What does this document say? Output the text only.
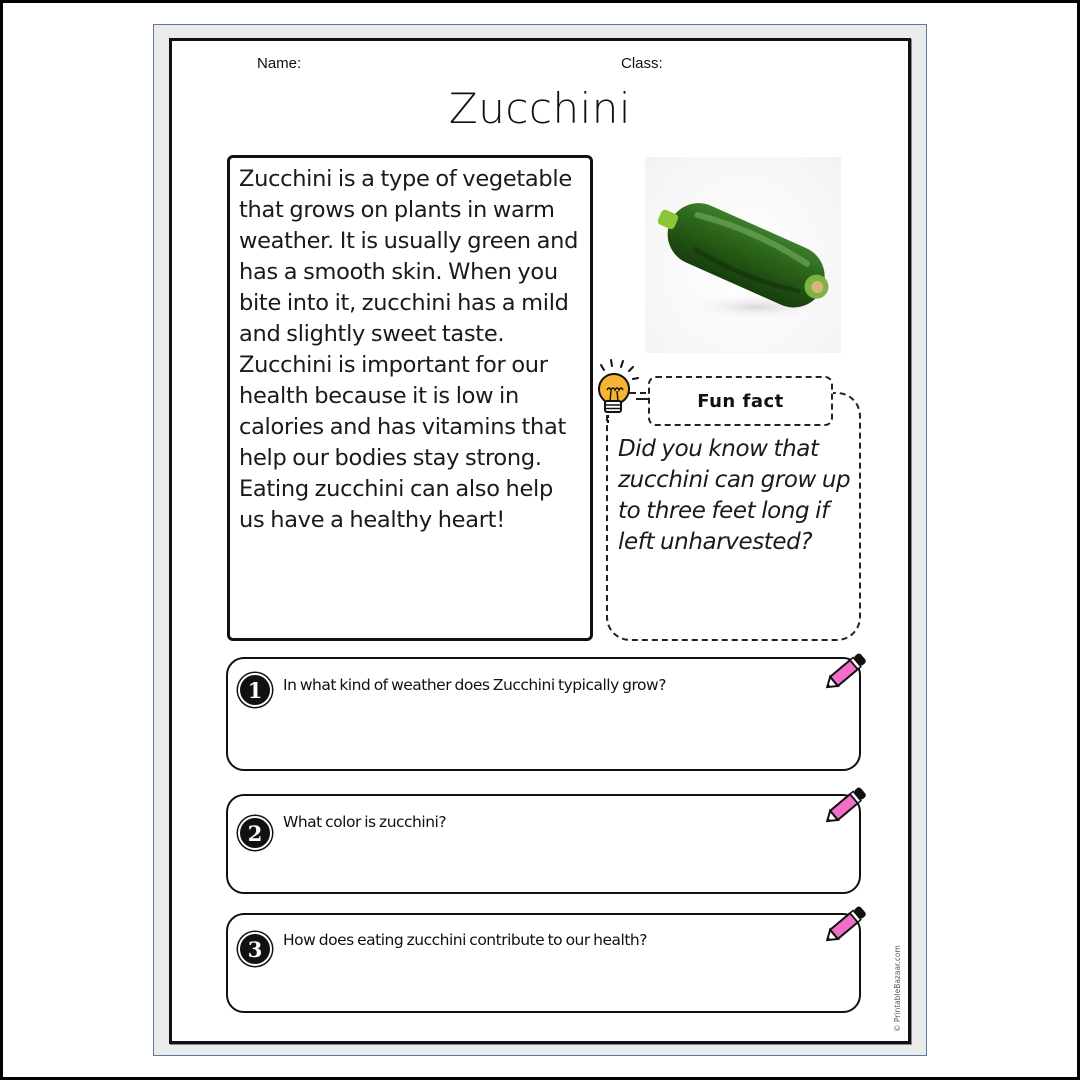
Name:	Class:
Zucchini

Zucchini is a type of vegetable that grows on plants in warm weather. It is usually green and has a smooth skin. When you bite into it, zucchini has a mild and slightly sweet taste. Zucchini is important for our health because it is low in calories and has vitamins that help our bodies stay strong. Eating zucchini can also help us have a healthy heart!

Fun fact
Did you know that zucchini can grow up to three feet long if left unharvested?
1	In what kind of weather does Zucchini typically grow?
2	What color is zucchini?
3	How does eating zucchini contribute to our health?
© PrintableBazaar.com
